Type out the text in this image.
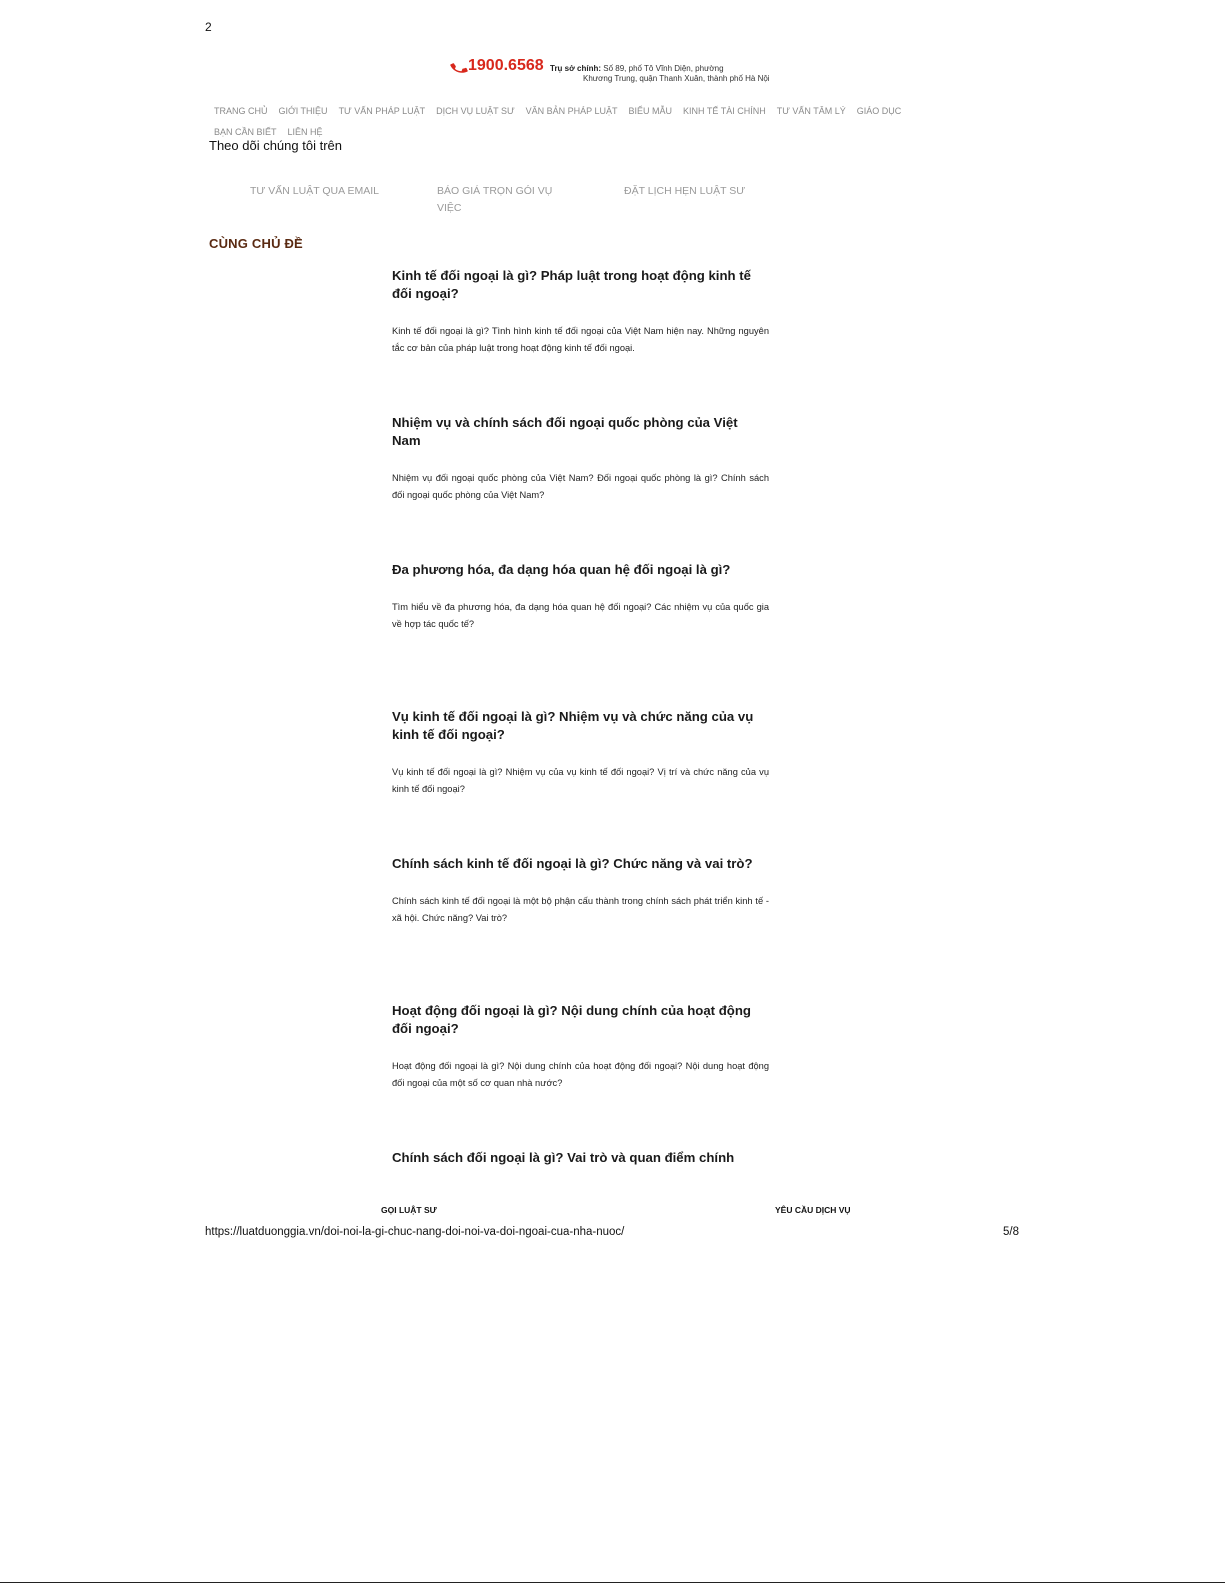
2
1900.6568 Trụ sở chính: Số 89, phố Tô Vĩnh Diện, phường
Khương Trung, quận Thanh Xuân, thành phố Hà Nội
TRANG CHỦ GIỚI THIỆU TƯ VẤN PHÁP LUẬT DỊCH VỤ LUẬT SƯ VĂN BẢN PHÁP LUẬT BIỂU MẪU KINH TẾ TÀI CHÍNH TƯ VẤN TÂM LÝ GIÁO DỤC
BẠN CẦN BIẾT LIÊN HỆ
Theo dõi chúng tôi trên
TƯ VẤN LUẬT QUA EMAIL	BÁO GIÁ TRỌN GÓI VỤ VIỆC
ĐẶT LỊCH HẸN LUẬT SƯ
CÙNG CHỦ ĐỀ
Kinh tế đối ngoại là gì? Pháp luật trong hoạt động kinh tế đối ngoại?
Kinh tế đối ngoại là gì? Tình hình kinh tế đối ngoại của Việt Nam hiện nay. Những nguyên tắc cơ bản của pháp luật trong hoạt động kinh tế đối ngoại.
Nhiệm vụ và chính sách đối ngoại quốc phòng của Việt Nam
Nhiệm vụ đối ngoại quốc phòng của Việt Nam? Đối ngoại quốc phòng là gì? Chính sách đối ngoại quốc phòng của Việt Nam?
Đa phương hóa, đa dạng hóa quan hệ đối ngoại là gì?
Tìm hiểu về đa phương hóa, đa dạng hóa quan hệ đối ngoại? Các nhiệm vụ của quốc gia về hợp tác quốc tế?
Vụ kinh tế đối ngoại là gì? Nhiệm vụ và chức năng của vụ kinh tế đối ngoại?
Vụ kinh tế đối ngoại là gì? Nhiệm vụ của vụ kinh tế đối ngoại? Vị trí và chức năng của vụ kinh tế đối ngoại?
Chính sách kinh tế đối ngoại là gì? Chức năng và vai trò?
Chính sách kinh tế đối ngoại là một bộ phận cấu thành trong chính sách phát triển kinh tế - xã hội. Chức năng? Vai trò?
Hoạt động đối ngoại là gì? Nội dung chính của hoạt động đối ngoại?
Hoạt động đối ngoại là gì? Nội dung chính của hoạt động đối ngoại? Nội dung hoạt động đối ngoại của một số cơ quan nhà nước?
Chính sách đối ngoại là gì? Vai trò và quan điểm chính
GỌI LUẬT SƯ	YÊU CẦU DỊCH VỤ
https://luatduonggia.vn/doi-noi-la-gi-chuc-nang-doi-noi-va-doi-ngoai-cua-nha-nuoc/	5/8
